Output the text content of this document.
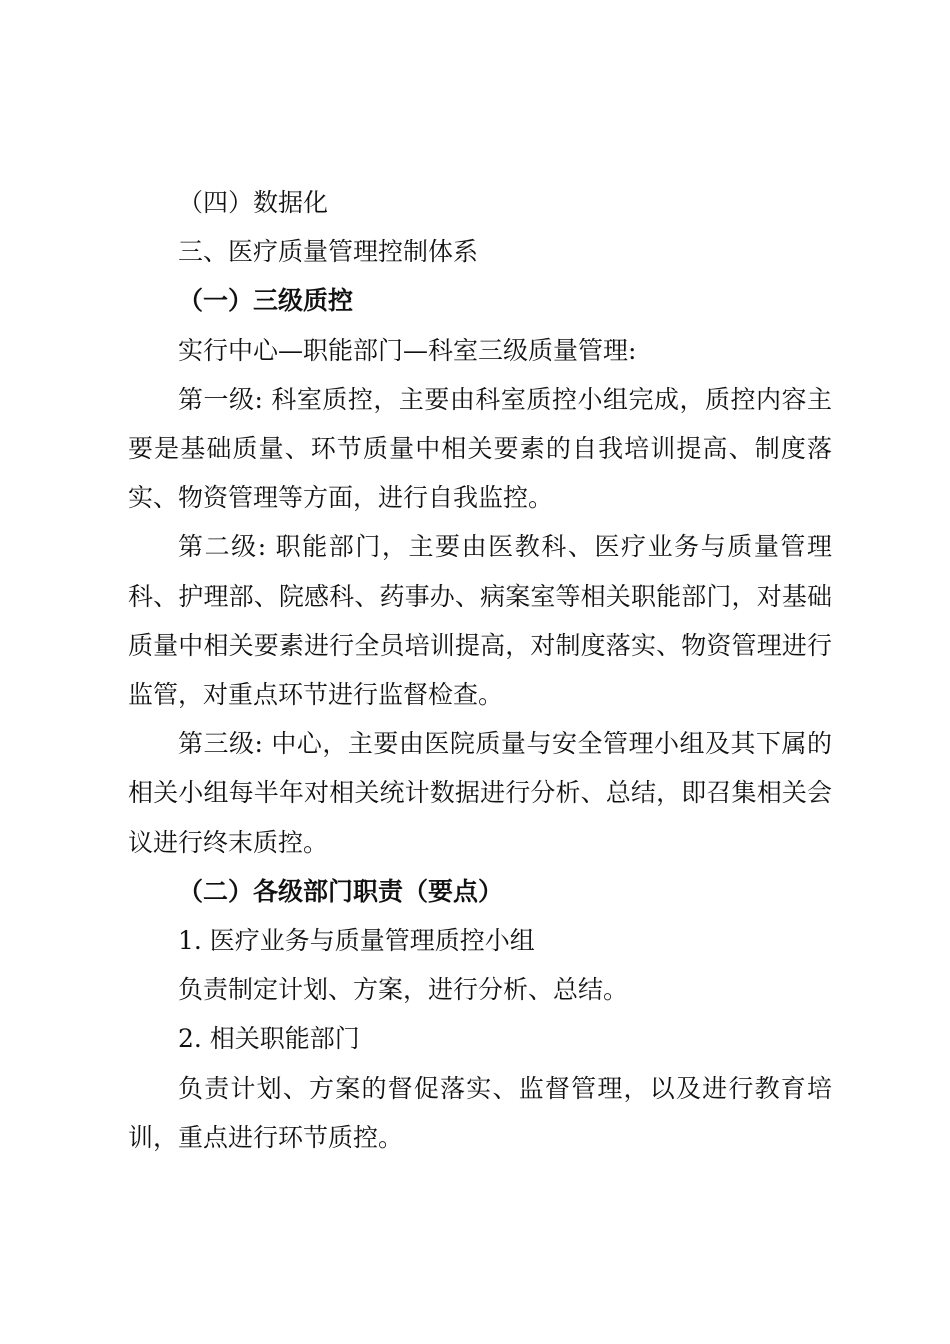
（四）数据化
三、医疗质量管理控制体系
（一）三级质控
实行中心—职能部门—科室三级质量管理:
第一级: 科室质控，主要由科室质控小组完成，质控内容主要是基础质量、环节质量中相关要素的自我培训提高、制度落实、物资管理等方面，进行自我监控。
第二级: 职能部门，主要由医教科、医疗业务与质量管理科、护理部、院感科、药事办、病案室等相关职能部门，对基础质量中相关要素进行全员培训提高，对制度落实、物资管理进行监管，对重点环节进行监督检查。
第三级: 中心，主要由医院质量与安全管理小组及其下属的相关小组每半年对相关统计数据进行分析、总结，即召集相关会议进行终末质控。
（二）各级部门职责（要点）
1. 医疗业务与质量管理质控小组
负责制定计划、方案，进行分析、总结。
2. 相关职能部门
负责计划、方案的督促落实、监督管理，以及进行教育培训，重点进行环节质控。
